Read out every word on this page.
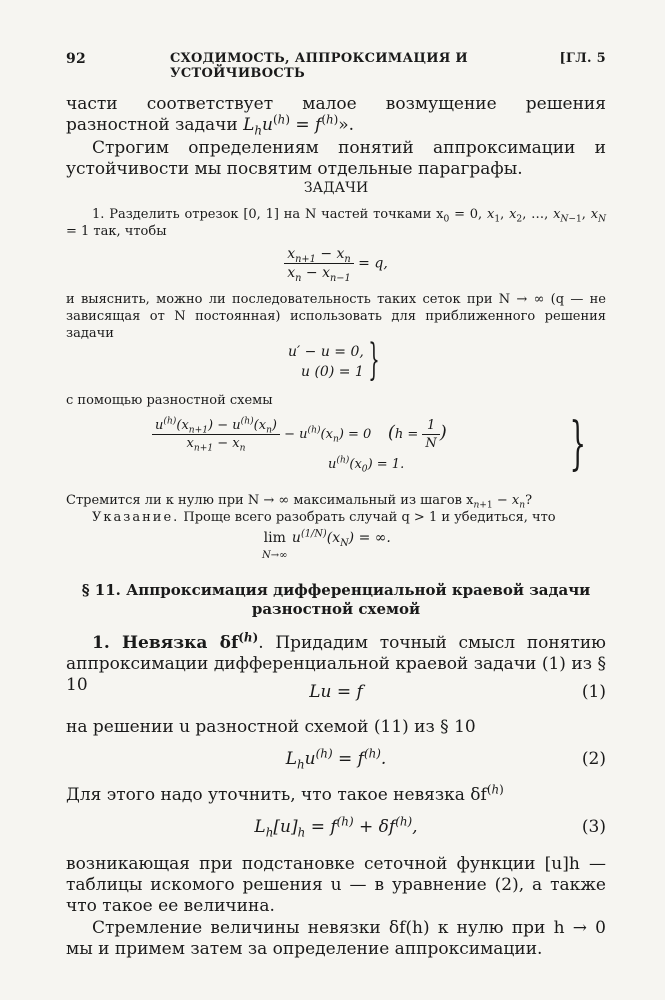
92	СХОДИМОСТЬ, АППРОКСИМАЦИЯ И УСТОЙЧИВОСТЬ
[ГЛ. 5
части соответствует малое возмущение решения разностной задачи $L_hu^{(h)} = f^{(h)}$».
Строгим определениям понятий аппроксимации и устойчивости мы посвятим отдельные параграфы.
ЗАДАЧИ
1. Разделить отрезок [0, 1] на N частей точками $x_0 = 0$, $x_1$, $x_2$, …, $x_{N-1}$, $x_N = 1$ так, чтобы
$\frac{x_{n+1} - x_n}{x_n - x_{n-1}} = q$,
и выяснить, можно ли последовательность таких сеток при N → ∞ (q — не зависящая от N постоянная) использовать для приближенного решения задачи
u′ − u = 0,
u (0) = 1 }
с помощью разностной схемы
$\frac{u^{(h)}(x_{n+1}) - u^{(h)}(x_n)}{x_{n+1} - x_n} - u^{(h)}(x_n) = 0$    ($h = \frac{1}{N}$ )
$u^{(h)}(x_0) = 1$.	}
Стремится ли к нулю при N → ∞ максимальный из шагов $x_{n+1} - x_n$?
Указание. Проще всего разобрать случай q > 1 и убедиться, что
lim
N→∞ $u^{(1/N)}(x_N)$ = ∞.
§ 11. Аппроксимация дифференциальной краевой задачи
разностной схемой
1. Невязка $\delta f^{(h)}$. Придадим точный смысл понятию аппроксимации дифференциальной краевой задачи (1) из § 10	Lu = f	(1)
на решении u разностной схемой (11) из § 10
$L_hu^{(h)} = f^{(h)}$.	(2)
Для этого надо уточнить, что такое невязка $\delta f^{(h)}$
$L_h[u]_h = f^{(h)} + \delta f^{(h)}$,	(3)
возникающая при подстановке сеточной функции [u]h — таблицы искомого решения u — в уравнение (2), а также что такое ее величина.
Стремление величины невязки δf(h) к нулю при h → 0 мы и примем затем за определение аппроксимации.
